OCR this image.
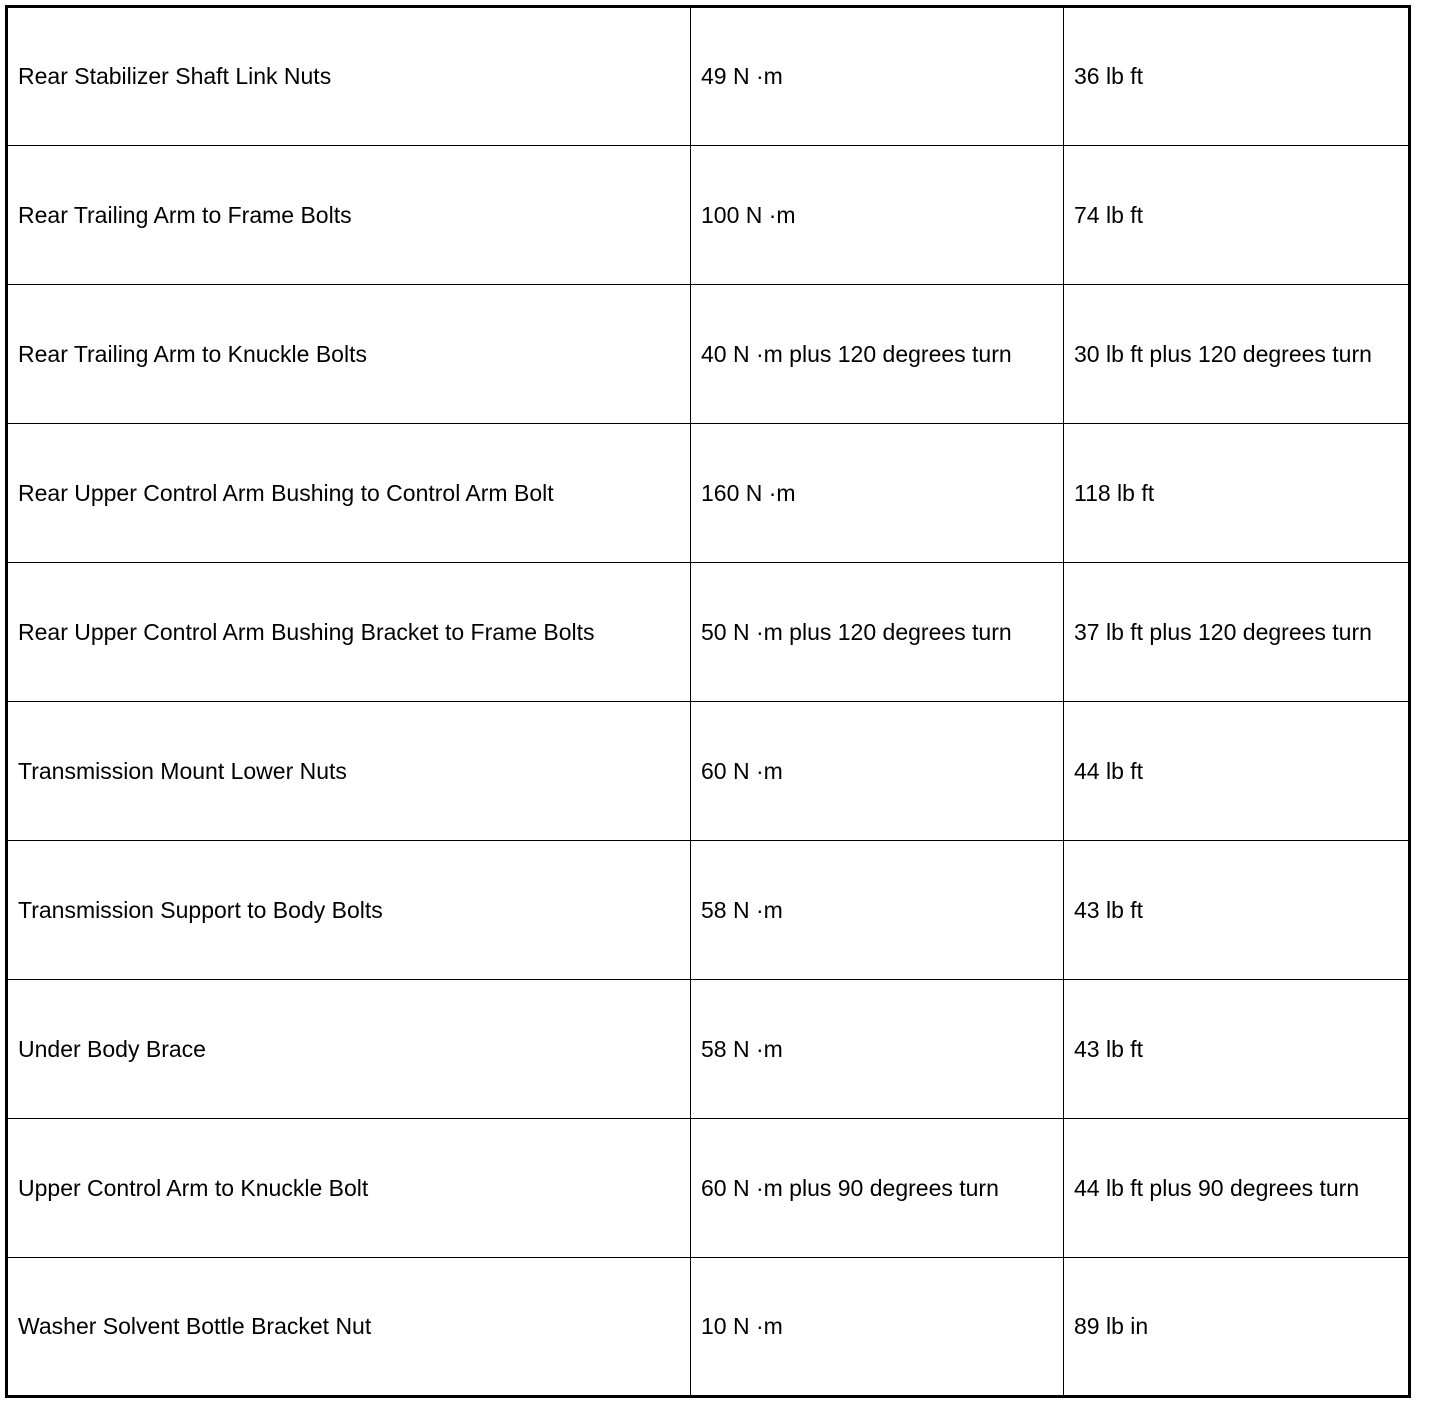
Rear Stabilizer Shaft Link Nuts	49 N ·m	36 lb ft
Rear Trailing Arm to Frame Bolts	100 N ·m	74 lb ft
Rear Trailing Arm to Knuckle Bolts	40 N ·m plus 120 degrees turn	30 lb ft plus 120 degrees turn
Rear Upper Control Arm Bushing to Control Arm Bolt	160 N ·m	118 lb ft
Rear Upper Control Arm Bushing Bracket to Frame Bolts	50 N ·m plus 120 degrees turn	37 lb ft plus 120 degrees turn
Transmission Mount Lower Nuts	60 N ·m	44 lb ft
Transmission Support to Body Bolts	58 N ·m	43 lb ft
Under Body Brace	58 N ·m	43 lb ft
Upper Control Arm to Knuckle Bolt	60 N ·m plus 90 degrees turn	44 lb ft plus 90 degrees turn
Washer Solvent Bottle Bracket Nut	10 N ·m	89 lb in
